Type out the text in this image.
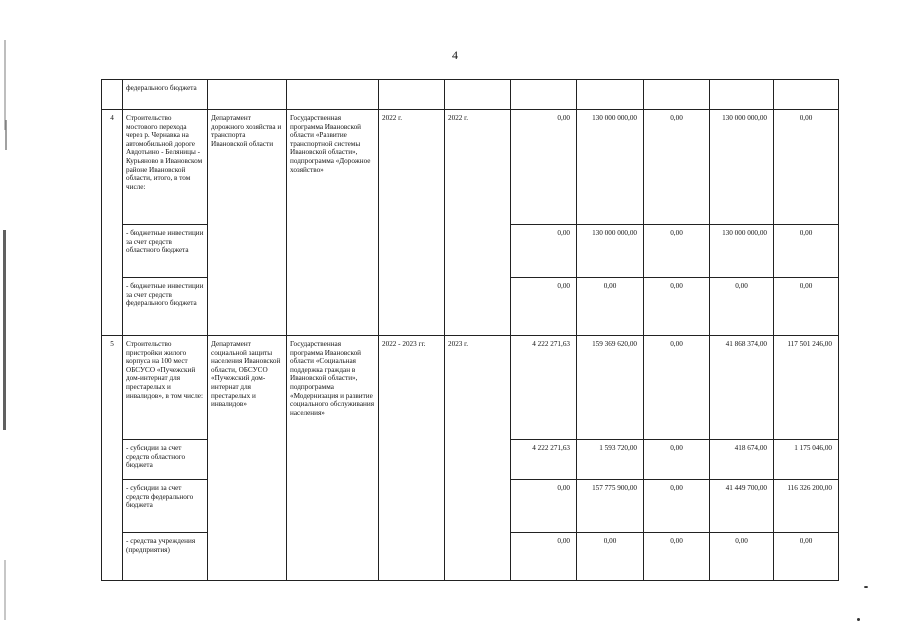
4
	федерального бюджета									
4	Строительство мостового перехода через р. Чернавка на автомобильной дороге Авдотьино - Беляницы - Курьяново в Ивановском районе Ивановской области, итого, в том числе:	Департамент дорожного хозяйства и транспорта Ивановской области	Государственная программа Ивановской области «Развитие транспортной системы Ивановской области», подпрограмма «Дорожное хозяйство»	2022 г.	2022 г.	0,00	130 000 000,00	0,00	130 000 000,00	0,00
	- бюджетные инвестиции за счет средств областного бюджета					0,00	130 000 000,00	0,00	130 000 000,00	0,00
	- бюджетные инвестиции за счет средств федерального бюджета					0,00	0,00	0,00	0,00	0,00
5	Строительство пристройки жилого корпуса на 100 мест ОБСУСО «Пучежский дом-интернат для престарелых и инвалидов», в том числе:	Департамент социальной защиты населения Ивановской области, ОБСУСО «Пучежский дом-интернат для престарелых и инвалидов»	Государственная программа Ивановской области «Социальная поддержка граждан в Ивановской области», подпрограмма «Модернизация и развитие социального обслуживания населения»	2022 - 2023 гг.	2023 г.	4 222 271,63	159 369 620,00	0,00	41 868 374,00	117 501 246,00
	- субсидии за счет средств областного бюджета					4 222 271,63	1 593 720,00	0,00	418 674,00	1 175 046,00
	- субсидии за счет средств федерального бюджета					0,00	157 775 900,00	0,00	41 449 700,00	116 326 200,00
	- средства учреждения (предприятия)					0,00	0,00	0,00	0,00	0,00
